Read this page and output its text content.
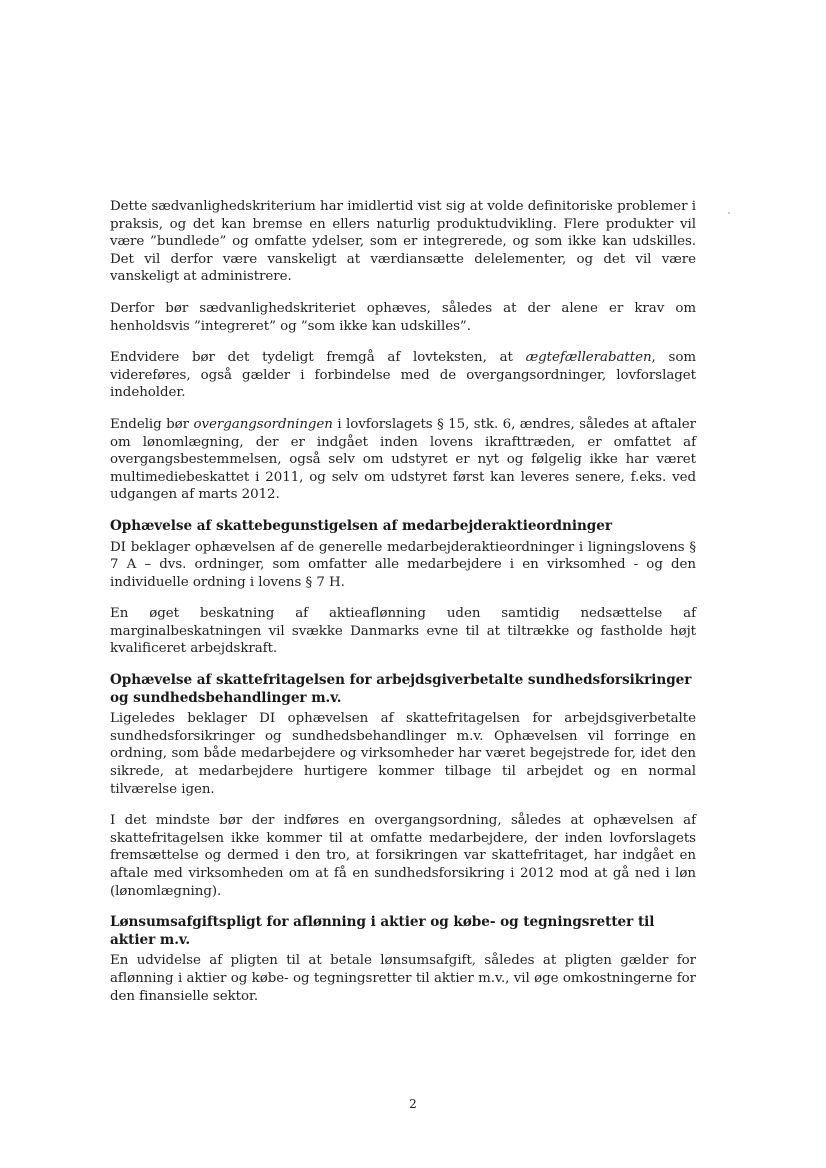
Dette sædvanlighedskriterium har imidlertid vist sig at volde definitoriske problemer i praksis, og det kan bremse en ellers naturlig produktudvikling. Flere produkter vil være ”bundlede” og omfatte ydelser, som er integrerede, og som ikke kan udskilles. Det vil derfor være vanskeligt at værdiansætte delelementer, og det vil være vanskeligt at administrere.

Derfor bør sædvanlighedskriteriet ophæves, således at der alene er krav om henholdsvis ”integreret” og ”som ikke kan udskilles”.

Endvidere bør det tydeligt fremgå af lovteksten, at ægtefællerabatten, som videreføres, også gælder i forbindelse med de overgangsordninger, lovforslaget indeholder.

Endelig bør overgangsordningen i lovforslagets § 15, stk. 6, ændres, således at aftaler om lønomlægning, der er indgået inden lovens ikrafttræden, er omfattet af overgangsbestemmelsen, også selv om udstyret er nyt og følgelig ikke har været multimediebeskattet i 2011, og selv om udstyret først kan leveres senere, f.eks. ved udgangen af marts 2012.

Ophævelse af skattebegunstigelsen af medarbejderaktieordninger

DI beklager ophævelsen af de generelle medarbejderaktieordninger i ligningslovens § 7 A – dvs. ordninger, som omfatter alle medarbejdere i en virksomhed - og den individuelle ordning i lovens § 7 H.

En øget beskatning af aktieaflønning uden samtidig nedsættelse af marginalbeskatningen vil svække Danmarks evne til at tiltrække og fastholde højt kvalificeret arbejdskraft.

Ophævelse af skattefritagelsen for arbejdsgiverbetalte sundhedsforsikringer og sundhedsbehandlinger m.v.

Ligeledes beklager DI ophævelsen af skattefritagelsen for arbejdsgiverbetalte sundhedsforsikringer og sundhedsbehandlinger m.v. Ophævelsen vil forringe en ordning, som både medarbejdere og virksomheder har været begejstrede for, idet den sikrede, at medarbejdere hurtigere kommer tilbage til arbejdet og en normal tilværelse igen.

I det mindste bør der indføres en overgangsordning, således at ophævelsen af skattefritagelsen ikke kommer til at omfatte medarbejdere, der inden lovforslagets fremsættelse og dermed i den tro, at forsikringen var skattefritaget, har indgået en aftale med virksomheden om at få en sundhedsforsikring i 2012 mod at gå ned i løn (lønomlægning).

Lønsumsafgiftspligt for aflønning i aktier og købe- og tegningsretter til aktier m.v.

En udvidelse af pligten til at betale lønsumsafgift, således at pligten gælder for aflønning i aktier og købe- og tegningsretter til aktier m.v., vil øge omkostningerne for den finansielle sektor.

2
